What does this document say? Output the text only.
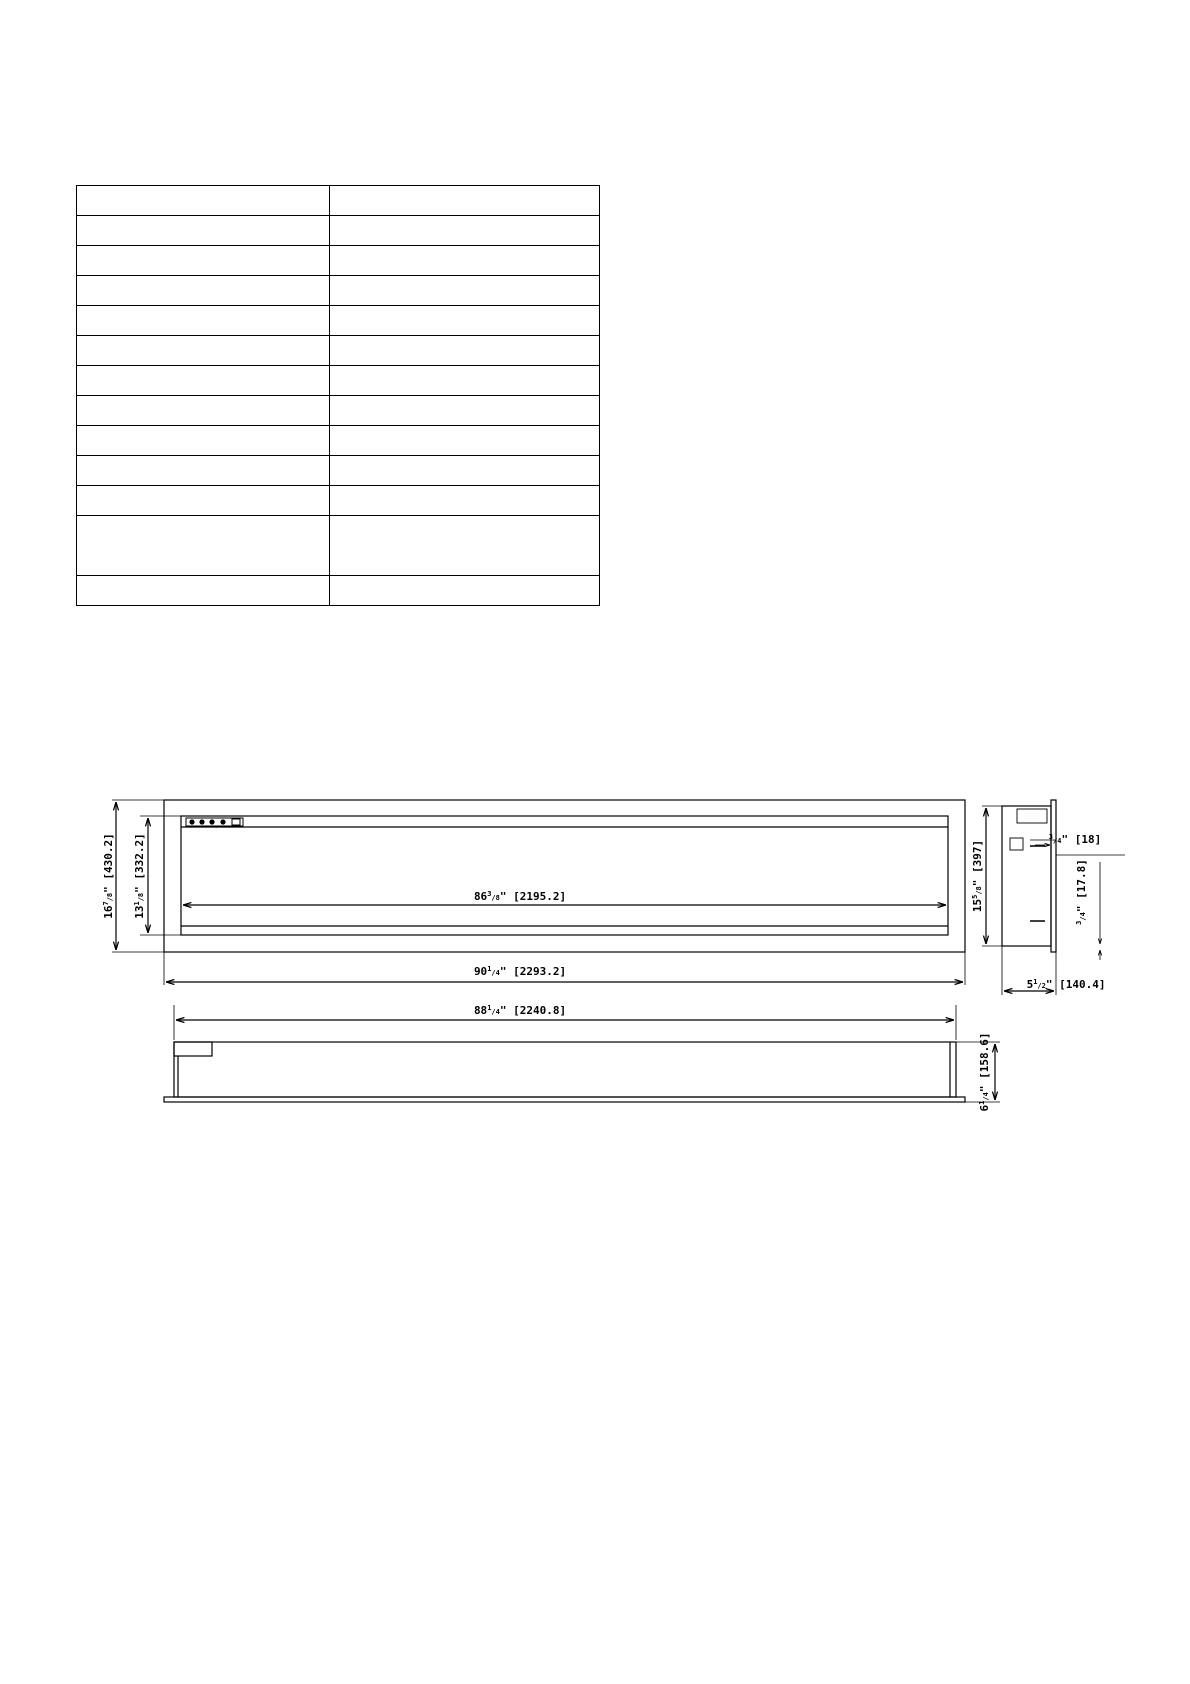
$16^7_/8$" [430.2]
$13^1_/8$" [332.2]
$86^3_/8$" [2195.2]
$90^1_/4$" [2293.2]
$88^1_/4$" [2240.8]
$6^1_/4$" [158.6]
$15^5_/8$" [397]
$^3_/$4" [18]
$^3_/$4" [17.8]
$5^1_/2$" [140.4]
